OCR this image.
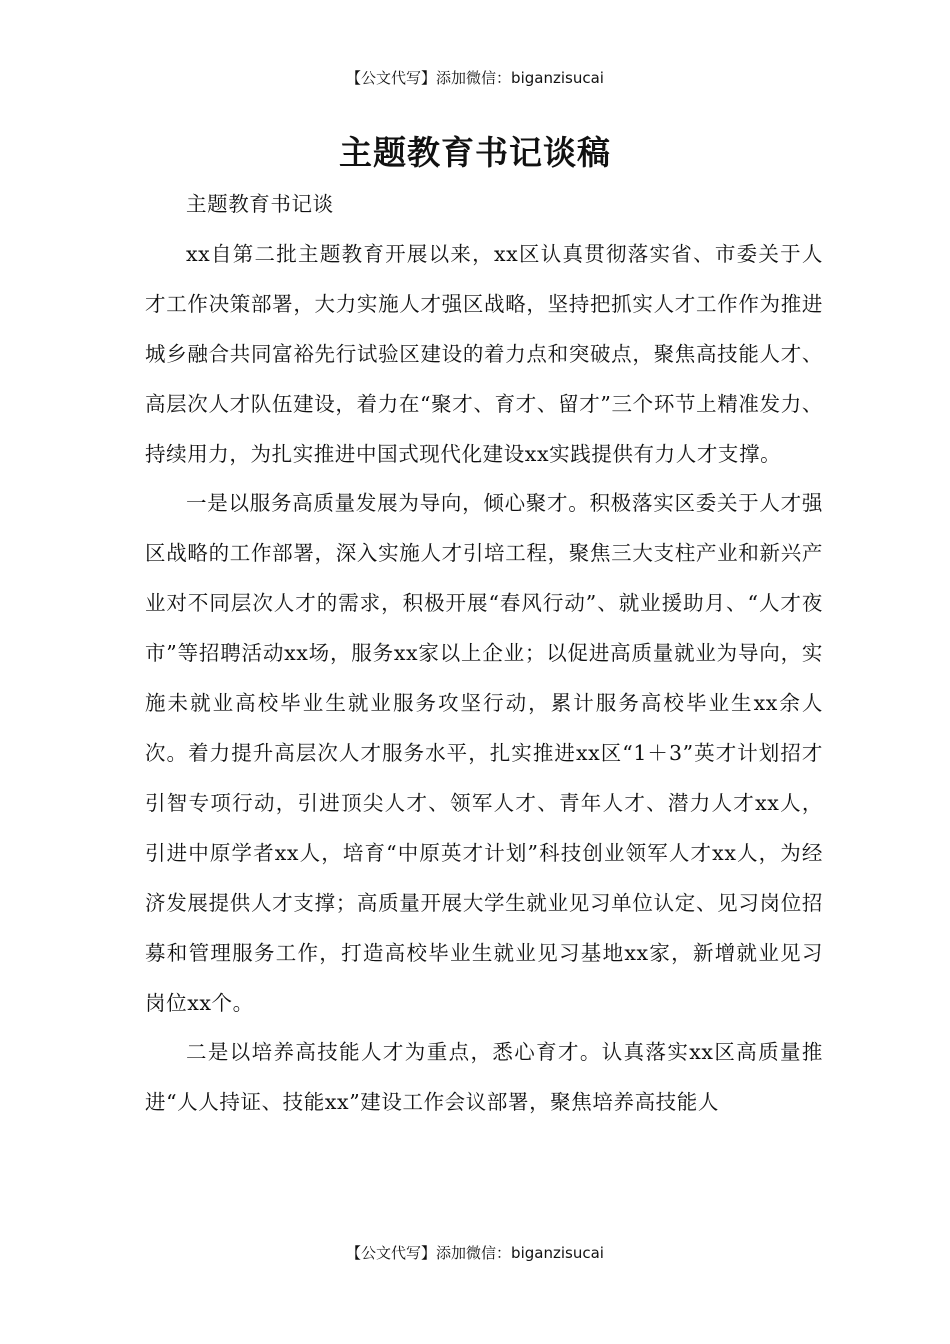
【公文代写】添加微信：biganzisucai
主题教育书记谈稿

主题教育书记谈

xx自第二批主题教育开展以来，xx区认真贯彻落实省、市委关于人才工作决策部署，大力实施人才强区战略，坚持把抓实人才工作作为推进城乡融合共同富裕先行试验区建设的着力点和突破点，聚焦高技能人才、高层次人才队伍建设，着力在“聚才、育才、留才”三个环节上精准发力、持续用力，为扎实推进中国式现代化建设xx实践提供有力人才支撑。

一是以服务高质量发展为导向，倾心聚才。积极落实区委关于人才强区战略的工作部署，深入实施人才引培工程，聚焦三大支柱产业和新兴产业对不同层次人才的需求，积极开展“春风行动”、就业援助月、“人才夜市”等招聘活动xx场，服务xx家以上企业；以促进高质量就业为导向，实施未就业高校毕业生就业服务攻坚行动，累计服务高校毕业生xx余人次。着力提升高层次人才服务水平，扎实推进xx区“1＋3”英才计划招才引智专项行动，引进顶尖人才、领军人才、青年人才、潜力人才xx人，引进中原学者xx人，培育“中原英才计划”科技创业领军人才xx人，为经济发展提供人才支撑；高质量开展大学生就业见习单位认定、见习岗位招募和管理服务工作，打造高校毕业生就业见习基地xx家，新增就业见习岗位xx个。

二是以培养高技能人才为重点，悉心育才。认真落实xx区高质量推进“人人持证、技能xx”建设工作会议部署，聚焦培养高技能人

【公文代写】添加微信：biganzisucai
